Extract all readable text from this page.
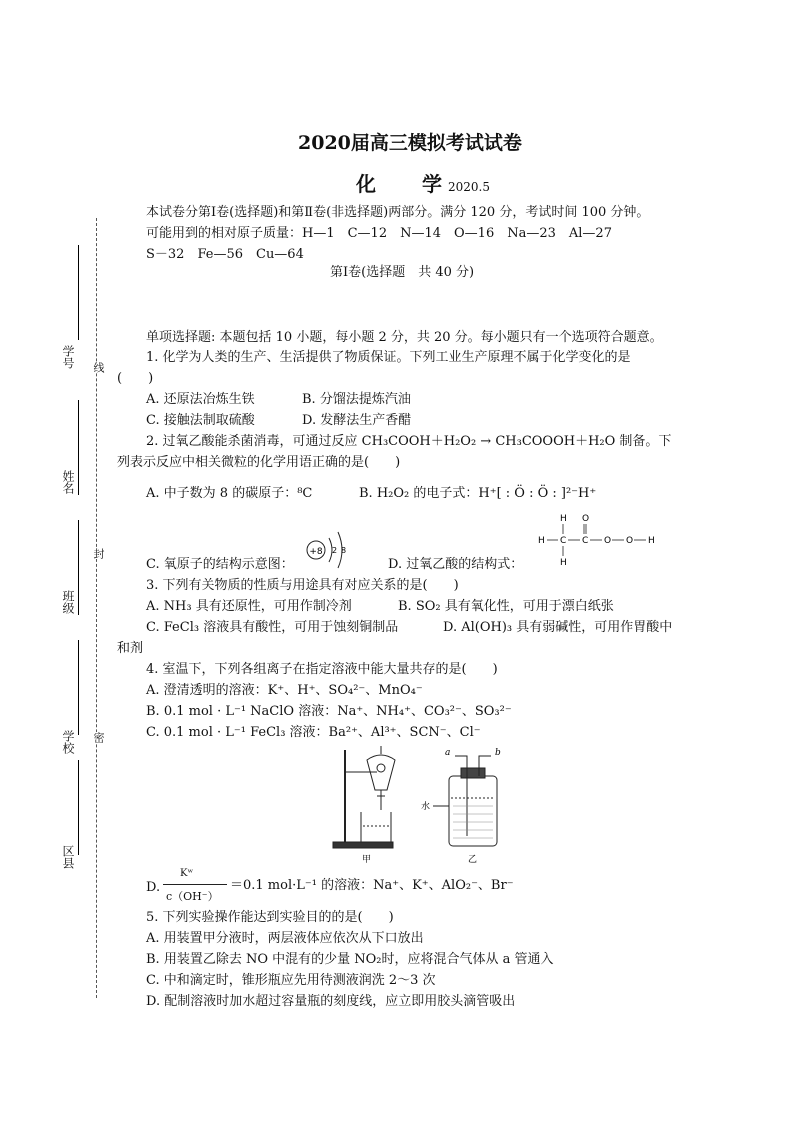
学号
姓名
班级
学校
区县
线
封
密
2020届高三模拟考试试卷
化　　学 2020.5
本试卷分第Ⅰ卷(选择题)和第Ⅱ卷(非选择题)两部分。满分 120 分，考试时间 100 分钟。
可能用到的相对原子质量：H—1　C—12　N—14　O—16　Na—23　Al—27
S－32　Fe—56　Cu—64
第Ⅰ卷(选择题　共 40 分)
单项选择题: 本题包括 10 小题，每小题 2 分，共 20 分。每小题只有一个选项符合题意。
1. 化学为人类的生产、生活提供了物质保证。下列工业生产原理不属于化学变化的是
(　　)
A. 还原法冶炼生铁	B. 分馏法提炼汽油
C. 接触法制取硫酸	D. 发酵法生产香醋
2. 过氧乙酸能杀菌消毒，可通过反应 CH₃COOH＋H₂O₂ → CH₃COOOH＋H₂O 制备。下
列表示反应中相关微粒的化学用语正确的是(　　)
A. 中子数为 8 的碳原子：⁸C	B. H₂O₂ 的电子式：H⁺[ : Ö : Ö : ]²⁻H⁺
C. 氧原子的结构示意图：
+8 2 8
D. 过氧乙酸的结构式：
H O
H C C O O H
H
3. 下列有关物质的性质与用途具有对应关系的是(　　)
A. NH₃ 具有还原性，可用作制冷剂	B. SO₂ 具有氧化性，可用于漂白纸张
C. FeCl₃ 溶液具有酸性，可用于蚀刻铜制品	D. Al(OH)₃ 具有弱碱性，可用作胃酸中
和剂
4. 室温下，下列各组离子在指定溶液中能大量共存的是(　　)
A. 澄清透明的溶液：K⁺、H⁺、SO₄²⁻、MnO₄⁻
B. 0.1 mol · L⁻¹ NaClO 溶液：Na⁺、NH₄⁺、CO₃²⁻、SO₃²⁻
C. 0.1 mol · L⁻¹ FeCl₃ 溶液：Ba²⁺、Al³⁺、SCN⁻、Cl⁻
甲
a	b
水
乙
D.
Kʷ
c（OH⁻）
＝0.1 mol·L⁻¹ 的溶液：Na⁺、K⁺、AlO₂⁻、Br⁻
5. 下列实验操作能达到实验目的的是(　　)
A. 用装置甲分液时，两层液体应依次从下口放出
B. 用装置乙除去 NO 中混有的少量 NO₂时，应将混合气体从 a 管通入
C. 中和滴定时，锥形瓶应先用待测液润洗 2～3 次
D. 配制溶液时加水超过容量瓶的刻度线，应立即用胶头滴管吸出
